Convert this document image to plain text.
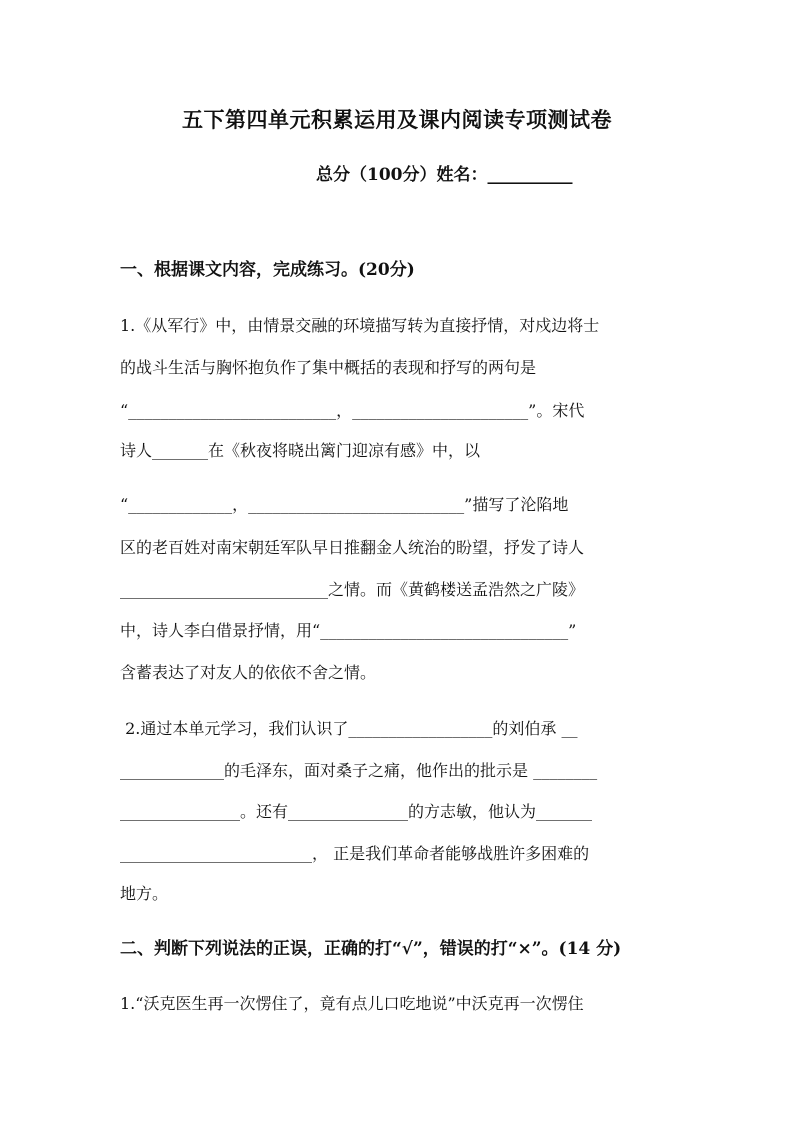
五下第四单元积累运用及课内阅读专项测试卷
总分（100分）姓名：__________
一、根据课文内容，完成练习。(20分)
1.《从军行》中，由情景交融的环境描写转为直接抒情，对戍边将士
的战斗生活与胸怀抱负作了集中概括的表现和抒写的两句是
“__________________________，______________________”。宋代
诗人_______在《秋夜将晓出篱门迎凉有感》中，以
“_____________，___________________________”描写了沦陷地
区的老百姓对南宋朝廷军队早日推翻金人统治的盼望，抒发了诗人
__________________________之情。而《黄鹤楼送孟浩然之广陵》
中，诗人李白借景抒情，用“_______________________________”
含蓄表达了对友人的依依不舍之情。
2.通过本单元学习，我们认识了__________________的刘伯承 __
_____________的毛泽东，面对桑子之痛，他作出的批示是 ________
_______________。还有_______________的方志敏，他认为_______
________________________， 正是我们革命者能够战胜许多困难的
地方。
二、判断下列说法的正误，正确的打“√”，错误的打“×”。(14 分)
1.“沃克医生再一次愣住了，竟有点儿口吃地说”中沃克再一次愣住
